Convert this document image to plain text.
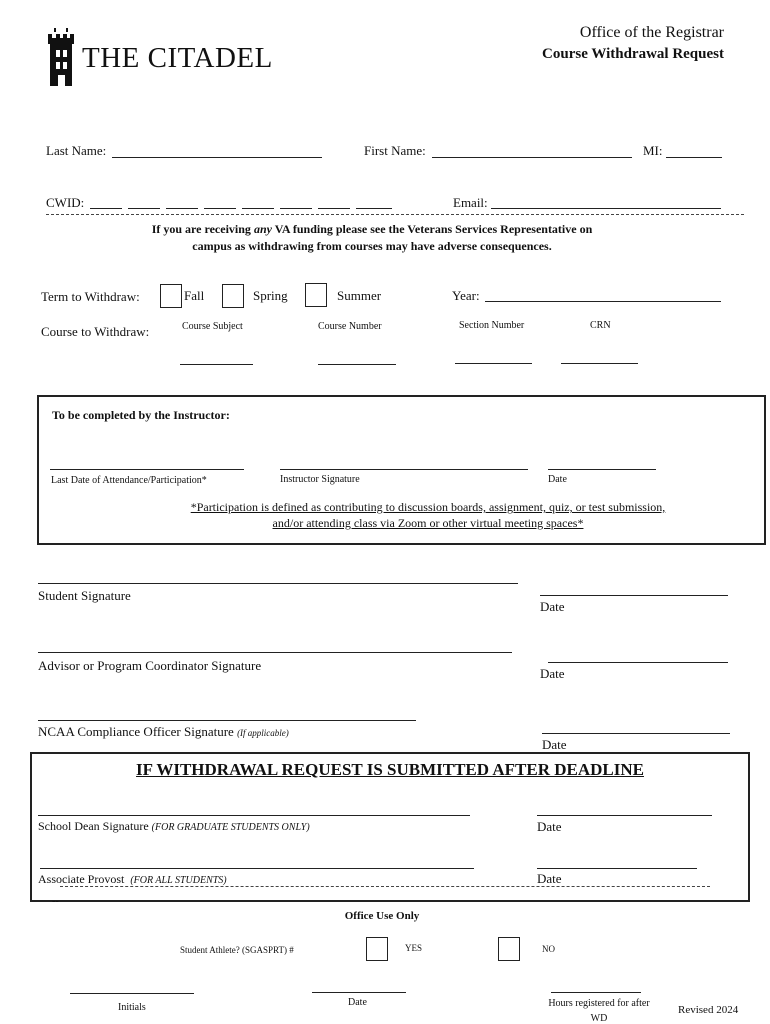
THE CITADEL
Office of the Registrar
Course Withdrawal Request
Last Name:	First Name:	MI:
CWID:	Email:
If you are receiving any VA funding please see the Veterans Services Representative on
campus as withdrawing from courses may have adverse consequences.
Term to Withdraw:	Fall	Spring	Summer	Year:
Course to Withdraw:	Course Subject	Course Number	Section Number	CRN
To be completed by the Instructor:
Last Date of Attendance/Participation*	Instructor Signature	Date
*Participation is defined as contributing to discussion boards, assignment, quiz, or test submission,
and/or attending class via Zoom or other virtual meeting spaces*
Student Signature
Date
Advisor or Program Coordinator Signature
Date
NCAA Compliance Officer Signature (If applicable)
Date
IF WITHDRAWAL REQUEST IS SUBMITTED AFTER DEADLINE
School Dean Signature (FOR GRADUATE STUDENTS ONLY)	Date
Associate Provost (FOR ALL STUDENTS)	Date
--
Office Use Only
Student Athlete? (SGASPRT) #	YES	NO
Initials	Date	Hours registered for after
WD
Revised 2024
